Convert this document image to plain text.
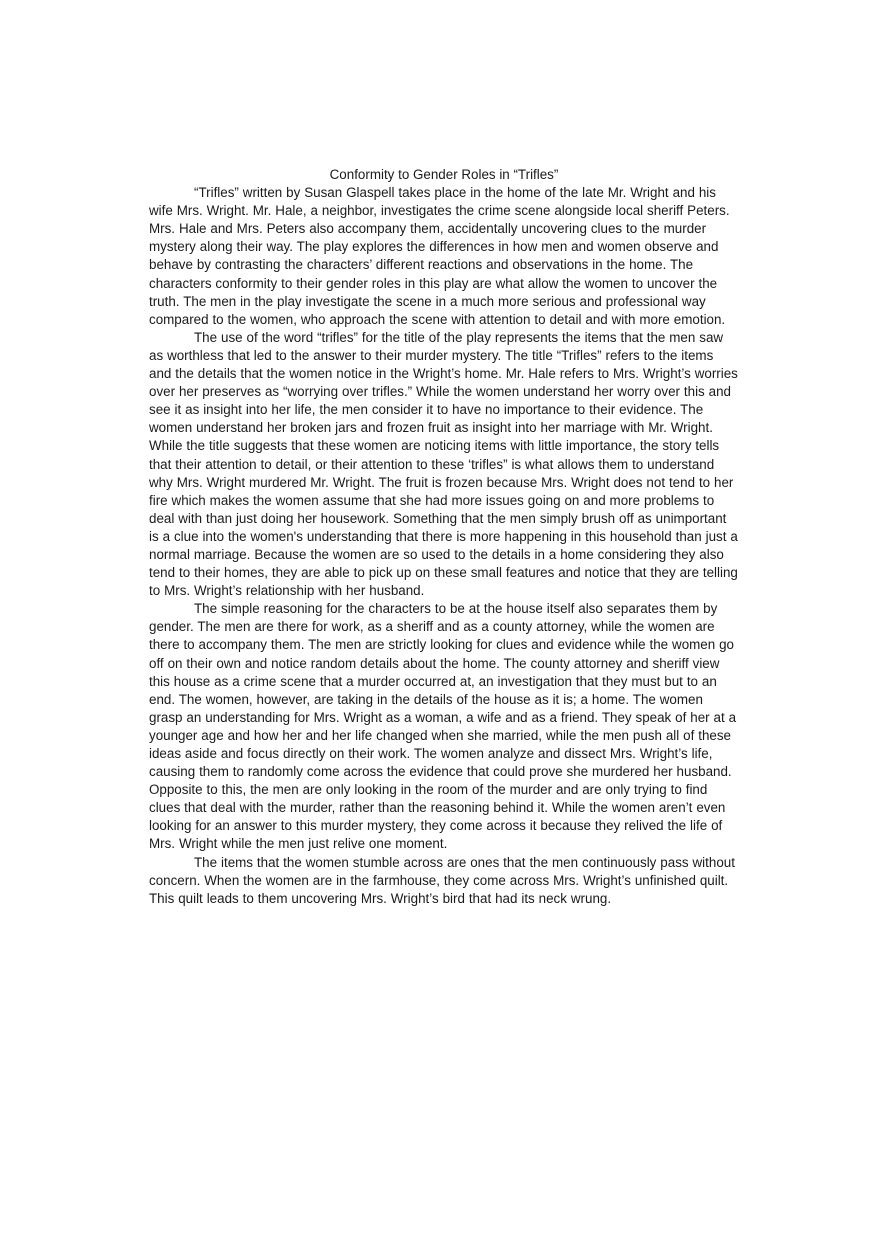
Conformity to Gender Roles in “Trifles”

“Trifles” written by Susan Glaspell takes place in the home of the late Mr. Wright and his wife Mrs. Wright. Mr. Hale, a neighbor, investigates the crime scene alongside local sheriff Peters. Mrs. Hale and Mrs. Peters also accompany them, accidentally uncovering clues to the murder mystery along their way. The play explores the differences in how men and women observe and behave by contrasting the characters’ different reactions and observations in the home. The characters conformity to their gender roles in this play are what allow the women to uncover the truth. The men in the play investigate the scene in a much more serious and professional way compared to the women, who approach the scene with attention to detail and with more emotion.

The use of the word “trifles” for the title of the play represents the items that the men saw as worthless that led to the answer to their murder mystery. The title “Trifles” refers to the items and the details that the women notice in the Wright’s home. Mr. Hale refers to Mrs. Wright’s worries over her preserves as “worrying over trifles.” While the women understand her worry over this and see it as insight into her life, the men consider it to have no importance to their evidence. The women understand her broken jars and frozen fruit as insight into her marriage with Mr. Wright. While the title suggests that these women are noticing items with little importance, the story tells that their attention to detail, or their attention to these ‘trifles” is what allows them to understand why Mrs. Wright murdered Mr. Wright. The fruit is frozen because Mrs. Wright does not tend to her fire which makes the women assume that she had more issues going on and more problems to deal with than just doing her housework. Something that the men simply brush off as unimportant is a clue into the women's understanding that there is more happening in this household than just a normal marriage. Because the women are so used to the details in a home considering they also tend to their homes, they are able to pick up on these small features and notice that they are telling to Mrs. Wright’s relationship with her husband.

The simple reasoning for the characters to be at the house itself also separates them by gender. The men are there for work, as a sheriff and as a county attorney, while the women are there to accompany them. The men are strictly looking for clues and evidence while the women go off on their own and notice random details about the home. The county attorney and sheriff view this house as a crime scene that a murder occurred at, an investigation that they must but to an end. The women, however, are taking in the details of the house as it is; a home. The women grasp an understanding for Mrs. Wright as a woman, a wife and as a friend. They speak of her at a younger age and how her and her life changed when she married, while the men push all of these ideas aside and focus directly on their work. The women analyze and dissect Mrs. Wright’s life, causing them to randomly come across the evidence that could prove she murdered her husband. Opposite to this, the men are only looking in the room of the murder and are only trying to find clues that deal with the murder, rather than the reasoning behind it. While the women aren’t even looking for an answer to this murder mystery, they come across it because they relived the life of Mrs. Wright while the men just relive one moment.

The items that the women stumble across are ones that the men continuously pass without concern. When the women are in the farmhouse, they come across Mrs. Wright’s unfinished quilt. This quilt leads to them uncovering Mrs. Wright’s bird that had its neck wrung.
